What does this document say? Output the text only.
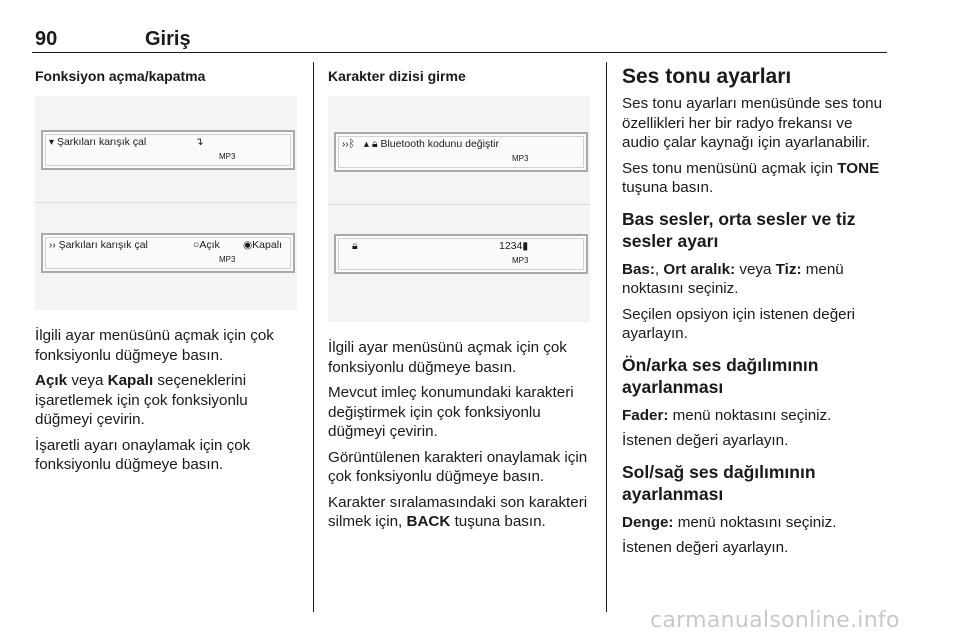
90	Giriş
Fonksiyon açma/kapatma
▾ Şarkıları karışık çal	↴
MP3
›› Şarkıları karışık çal	○Açık ◉Kapalı
MP3

İlgili ayar menüsünü açmak için çok fonksiyonlu düğmeye basın.

Açık veya Kapalı seçeneklerini işaretlemek için çok fonksiyonlu düğmeyi çevirin.

İşaretli ayarı onaylamak için çok fonksiyonlu düğmeye basın.

Karakter dizisi girme
››ᛒ ▴ 🔒︎ Bluetooth kodunu değiştir
MP3
🔒︎	1234▮
MP3

İlgili ayar menüsünü açmak için çok fonksiyonlu düğmeye basın.

Mevcut imleç konumundaki karakteri değiştirmek için çok fonksiyonlu düğmeyi çevirin.

Görüntülenen karakteri onaylamak için çok fonksiyonlu düğmeye basın.

Karakter sıralamasındaki son karakteri silmek için, BACK tuşuna basın.

Ses tonu ayarları

Ses tonu ayarları menüsünde ses tonu özellikleri her bir radyo frekansı ve audio çalar kaynağı için ayarlanabilir.

Ses tonu menüsünü açmak için TONE tuşuna basın.

Bas sesler, orta sesler ve tiz sesler ayarı

Bas:, Ort aralık: veya Tiz: menü noktasını seçiniz.

Seçilen opsiyon için istenen değeri ayarlayın.

Ön/arka ses dağılımının ayarlanması

Fader: menü noktasını seçiniz.

İstenen değeri ayarlayın.

Sol/sağ ses dağılımının ayarlanması

Denge: menü noktasını seçiniz.

İstenen değeri ayarlayın.

carmanualsonline.info
